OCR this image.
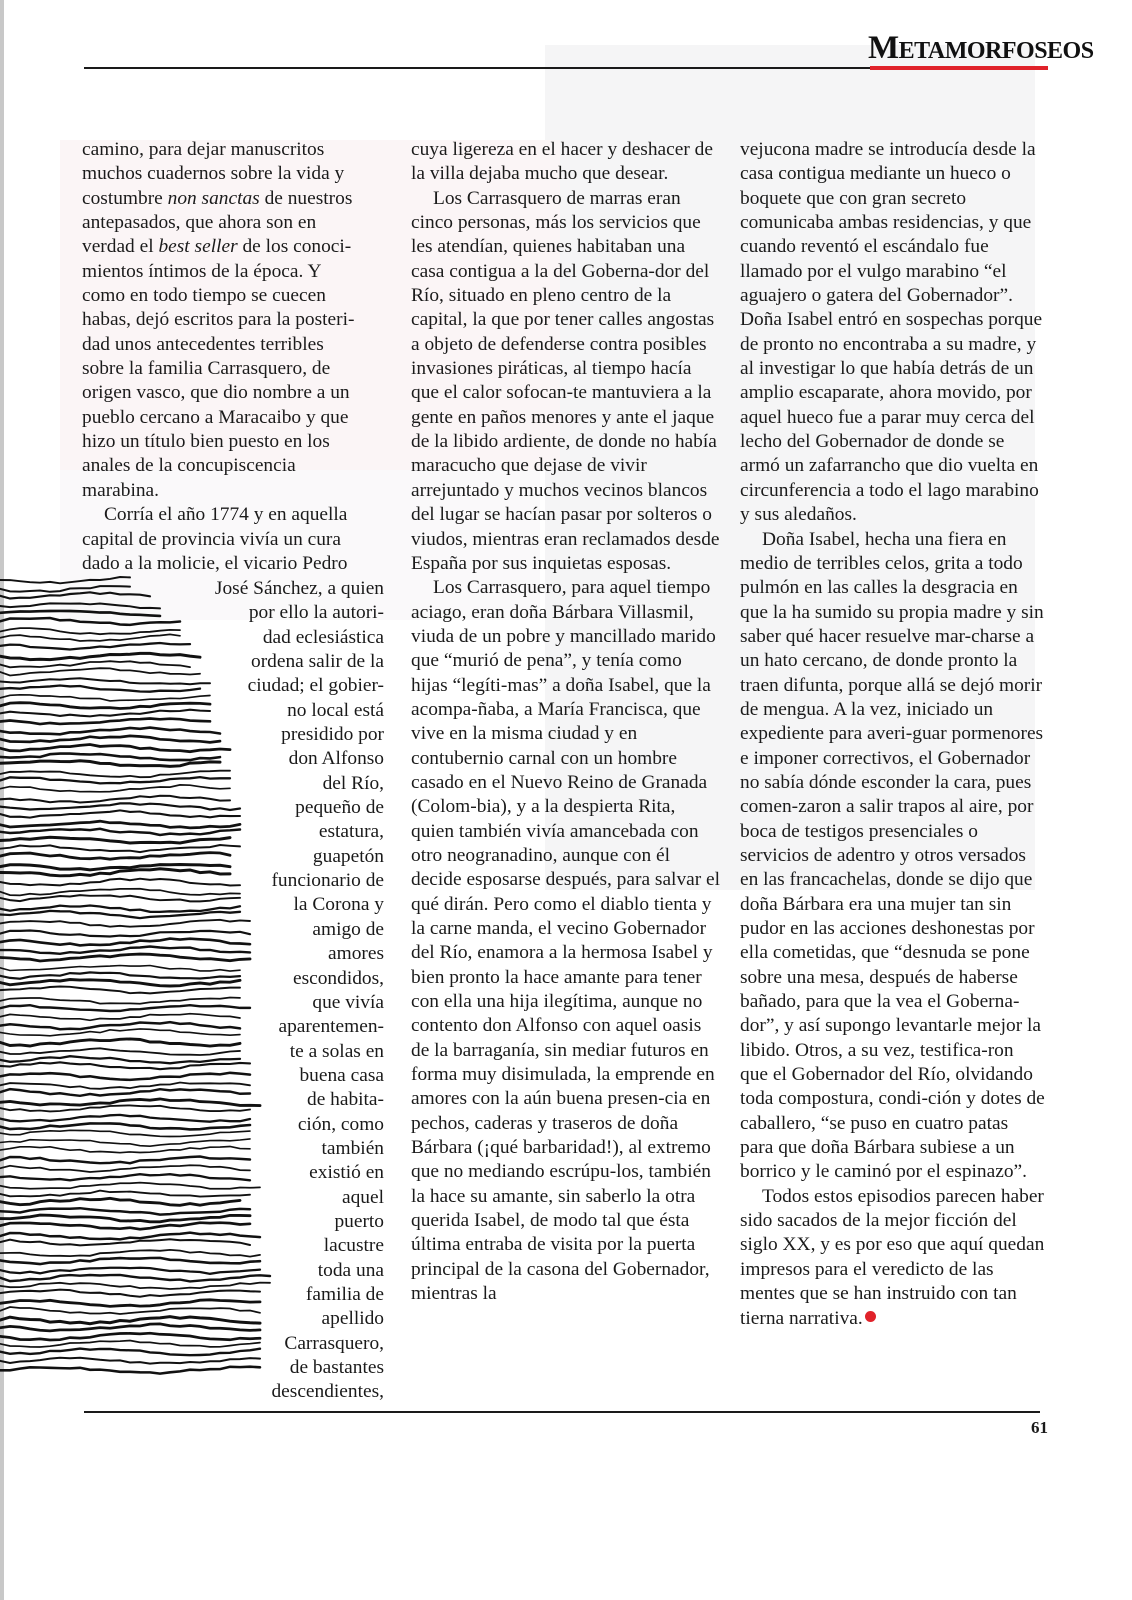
METAMORFOSEOS
camino, para dejar manuscritos
muchos cuadernos sobre la vida y
costumbre non sanctas de nuestros
antepasados, que ahora son en
verdad el best seller de los conoci-
mientos íntimos de la época. Y
como en todo tiempo se cuecen
habas, dejó escritos para la posteri-
dad unos antecedentes terribles
sobre la familia Carrasquero, de
origen vasco, que dio nombre a un
pueblo cercano a Maracaibo y que
hizo un título bien puesto en los
anales de la concupiscencia
marabina.
Corría el año 1774 y en aquella
capital de provincia vivía un cura
dado a la molicie, el vicario Pedro
José Sánchez, a quien
por ello la autori-
dad eclesiástica
ordena salir de la
ciudad; el gobier-
no local está
presidido por
don Alfonso
del Río,
pequeño de
estatura,
guapetón
funcionario de
la Corona y
amigo de
amores
escondidos,
que vivía
aparentemen-
te a solas en
buena casa
de habita-
ción, como
también
existió en
aquel
puerto
lacustre
toda una
familia de
apellido
Carrasquero,
de bastantes
descendientes,

cuya ligereza en el hacer y deshacer de la villa dejaba mucho que desear.

Los Carrasquero de marras eran cinco personas, más los servicios que les atendían, quienes habitaban una casa contigua a la del Goberna-dor del Río, situado en pleno centro de la capital, la que por tener calles angostas a objeto de defenderse contra posibles invasiones piráticas, al tiempo hacía que el calor sofocan-te mantuviera a la gente en paños menores y ante el jaque de la libido ardiente, de donde no había maracucho que dejase de vivir arrejuntado y muchos vecinos blancos del lugar se hacían pasar por solteros o viudos, mientras eran reclamados desde España por sus inquietas esposas.

Los Carrasquero, para aquel tiempo aciago, eran doña Bárbara Villasmil, viuda de un pobre y mancillado marido que “murió de pena”, y tenía como hijas “legíti-mas” a doña Isabel, que la acompa-ñaba, a María Francisca, que vive en la misma ciudad y en contubernio carnal con un hombre casado en el Nuevo Reino de Granada (Colom-bia), y a la despierta Rita, quien también vivía amancebada con otro neogranadino, aunque con él decide esposarse después, para salvar el qué dirán. Pero como el diablo tienta y la carne manda, el vecino Gobernador del Río, enamora a la hermosa Isabel y bien pronto la hace amante para tener con ella una hija ilegítima, aunque no contento don Alfonso con aquel oasis de la barraganía, sin mediar futuros en forma muy disimulada, la emprende en amores con la aún buena presen-cia en pechos, caderas y traseros de doña Bárbara (¡qué barbaridad!), al extremo que no mediando escrúpu-los, también la hace su amante, sin saberlo la otra querida Isabel, de modo tal que ésta última entraba de visita por la puerta principal de la casona del Gobernador, mientras la

vejucona madre se introducía desde la casa contigua mediante un hueco o boquete que con gran secreto comunicaba ambas residencias, y que cuando reventó el escándalo fue llamado por el vulgo marabino “el aguajero o gatera del Gobernador”. Doña Isabel entró en sospechas porque de pronto no encontraba a su madre, y al investigar lo que había detrás de un amplio escaparate, ahora movido, por aquel hueco fue a parar muy cerca del lecho del Gobernador de donde se armó un zafarrancho que dio vuelta en circunferencia a todo el lago marabino y sus aledaños.

Doña Isabel, hecha una fiera en medio de terribles celos, grita a todo pulmón en las calles la desgracia en que la ha sumido su propia madre y sin saber qué hacer resuelve mar-charse a un hato cercano, de donde pronto la traen difunta, porque allá se dejó morir de mengua. A la vez, iniciado un expediente para averi-guar pormenores e imponer correctivos, el Gobernador no sabía dónde esconder la cara, pues comen-zaron a salir trapos al aire, por boca de testigos presenciales o servicios de adentro y otros versados en las francachelas, donde se dijo que doña Bárbara era una mujer tan sin pudor en las acciones deshonestas por ella cometidas, que “desnuda se pone sobre una mesa, después de haberse bañado, para que la vea el Goberna-dor”, y así supongo levantarle mejor la libido. Otros, a su vez, testifica-ron que el Gobernador del Río, olvidando toda compostura, condi-ción y dotes de caballero, “se puso en cuatro patas para que doña Bárbara subiese a un borrico y le caminó por el espinazo”.

Todos estos episodios parecen haber sido sacados de la mejor ficción del siglo XX, y es por eso que aquí quedan impresos para el veredicto de las mentes que se han instruido con tan tierna narrativa.

61
